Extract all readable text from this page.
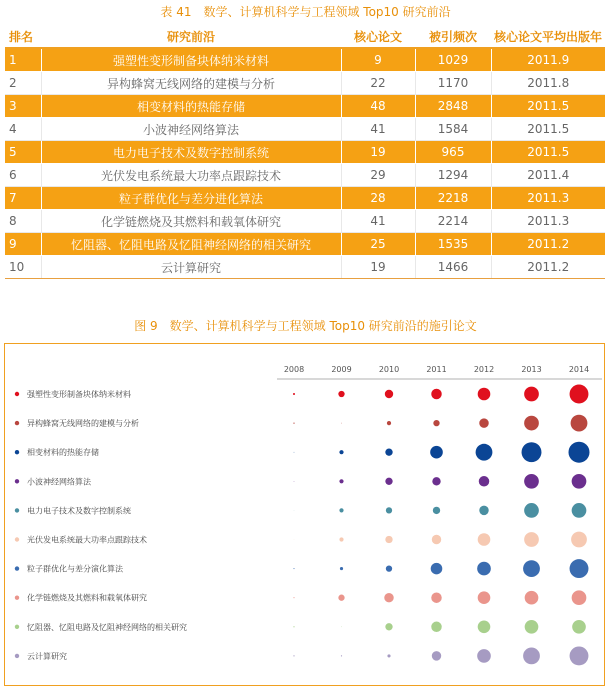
表 41　数学、计算机科学与工程领域 Top10 研究前沿
排名	研究前沿	核心论文	被引频次	核心论文平均出版年
1	强塑性变形制备块体纳米材料	9	1029	2011.9
2	异构蜂窝无线网络的建模与分析	22	1170	2011.8
3	相变材料的热能存储	48	2848	2011.5
4	小波神经网络算法	41	1584	2011.5
5	电力电子技术及数字控制系统	19	965	2011.5
6	光伏发电系统最大功率点跟踪技术	29	1294	2011.4
7	粒子群优化与差分进化算法	28	2218	2011.3
8	化学链燃烧及其燃料和载氧体研究	41	2214	2011.3
9	忆阻器、忆阻电路及忆阻神经网络的相关研究	25	1535	2011.2
10	云计算研究	19	1466	2011.2
图 9　数学、计算机科学与工程领域 Top10 研究前沿的施引论文
2008	2009	2010	2011	2012	2013	2014
强塑性变形制备块体纳米材料
异构蜂窝无线网络的建模与分析
相变材料的热能存储
小波神经网络算法
电力电子技术及数字控制系统
光伏发电系统最大功率点跟踪技术
粒子群优化与差分演化算法
化学链燃烧及其燃料和载氧体研究
忆阻器、忆阻电路及忆阻神经网络的相关研究
云计算研究
